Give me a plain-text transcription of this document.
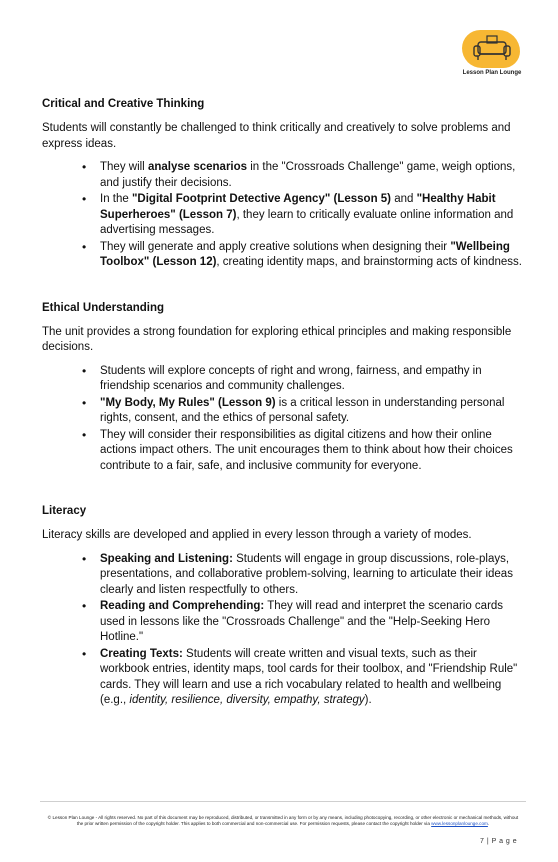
Lesson Plan Lounge
Critical and Creative Thinking

Students will constantly be challenged to think critically and creatively to solve problems and express ideas.

• They will analyse scenarios in the "Crossroads Challenge" game, weigh options, and justify their decisions.
• In the "Digital Footprint Detective Agency" (Lesson 5) and "Healthy Habit Superheroes" (Lesson 7), they learn to critically evaluate online information and advertising messages.
• They will generate and apply creative solutions when designing their "Wellbeing Toolbox" (Lesson 12), creating identity maps, and brainstorming acts of kindness.
Ethical Understanding

The unit provides a strong foundation for exploring ethical principles and making responsible decisions.

• Students will explore concepts of right and wrong, fairness, and empathy in friendship scenarios and community challenges.
• "My Body, My Rules" (Lesson 9) is a critical lesson in understanding personal rights, consent, and the ethics of personal safety.
• They will consider their responsibilities as digital citizens and how their online actions impact others. The unit encourages them to think about how their choices contribute to a fair, safe, and inclusive community for everyone.
Literacy

Literacy skills are developed and applied in every lesson through a variety of modes.

• Speaking and Listening: Students will engage in group discussions, role-plays, presentations, and collaborative problem-solving, learning to articulate their ideas clearly and listen respectfully to others.
• Reading and Comprehending: They will read and interpret the scenario cards used in lessons like the "Crossroads Challenge" and the "Help-Seeking Hero Hotline."
• Creating Texts: Students will create written and visual texts, such as their workbook entries, identity maps, tool cards for their toolbox, and "Friendship Rule" cards. They will learn and use a rich vocabulary related to health and wellbeing (e.g., identity, resilience, diversity, empathy, strategy).
© Lesson Plan Lounge - All rights reserved. No part of this document may be reproduced, distributed, or transmitted in any form or by any means, including photocopying, recording, or other electronic or mechanical methods, without the prior written permission of the copyright holder. This applies to both commercial and non-commercial use. For permission requests, please contact the copyright holder via www.lessonplanlounge.com.
7 | P a g e
